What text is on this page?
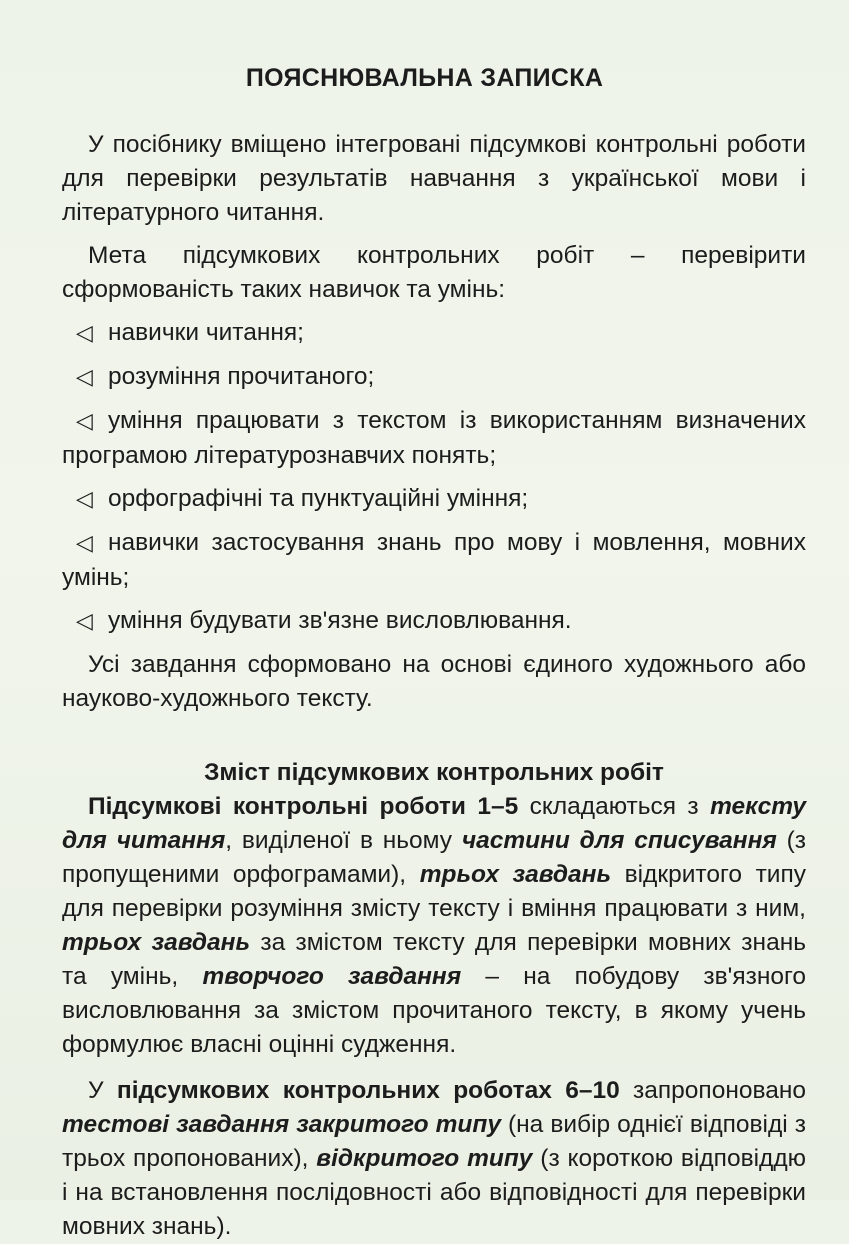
ПОЯСНЮВАЛЬНА ЗАПИСКА

У посібнику вміщено інтегровані підсумкові контрольні роботи для перевірки результатів навчання з української мови і літературного читання.

Мета підсумкових контрольних робіт – перевірити сформованість таких навичок та умінь:

◁ навички читання;

◁ розуміння прочитаного;

◁ уміння працювати з текстом із використанням визначених програмою літературознавчих понять;

◁ орфографічні та пунктуаційні уміння;

◁ навички застосування знань про мову і мовлення, мовних умінь;

◁ уміння будувати зв'язне висловлювання.

Усі завдання сформовано на основі єдиного художнього або науково-художнього тексту.

Зміст підсумкових контрольних робіт

Підсумкові контрольні роботи 1–5 складаються з тексту для читання, виділеної в ньому частини для списування (з пропущеними орфограмами), трьох завдань відкритого типу для перевірки розуміння змісту тексту і вміння працювати з ним, трьох завдань за змістом тексту для перевірки мовних знань та умінь, творчого завдання – на побудову зв'язного висловлювання за змістом прочитаного тексту, в якому учень формулює власні оцінні судження.

У підсумкових контрольних роботах 6–10 запропоновано тестові завдання закритого типу (на вибір однієї відповіді з трьох пропонованих), відкритого типу (з короткою відповіддю і на встановлення послідовності або відповідності для перевірки мовних знань).
